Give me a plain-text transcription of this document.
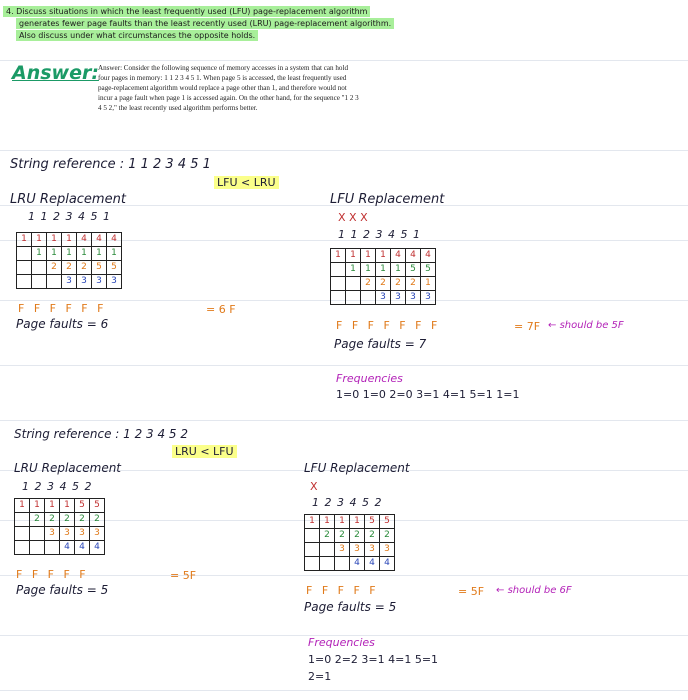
4. Discuss situations in which the least frequently used (LFU) page-replacement algorithm
generates fewer page faults than the least recently used (LRU) page-replacement algorithm.
Also discuss under what circumstances the opposite holds.
Answer: Answer: Consider the following sequence of memory accesses in a system that can hold four pages in memory: 1 1 2 3 4 5 1. When page 5 is accessed, the least frequently used page-replacement algorithm would replace a page other than 1, and therefore would not incur a page fault when page 1 is accessed again. On the other hand, for the sequence "1 2 3 4 5 2," the least recently used algorithm performs better.
String reference : 1 1 2 3 4 5 1
LFU < LRU
LRU Replacement
1 1 2 3 4 5 1
1	1	1	1	4	4	4
	1	1	1	1	1	1
		2	2	2	5	5
			3	3	3	3
F F F F F F	= 6 F
Page faults = 6
LFU Replacement
X X X
1 1 2 3 4 5 1
1	1	1	1	4	4	4
	1	1	1	1	5	5
		2	2	2	2	1
			3	3	3	3
F F F F F F F	= 7F ← should be 5F
Page faults = 7
Frequencies
1=0 1=0 2=0 3=1 4=1 5=1 1=1
String reference : 1 2 3 4 5 2
LRU < LFU
LRU Replacement
1 2 3 4 5 2
1	1	1	1	5	5
	2	2	2	2	2
		3	3	3	3
			4	4	4
F F F F F	= 5F
Page faults = 5
LFU Replacement
X
1 2 3 4 5 2
1	1	1	1	5	5
	2	2	2	2	2
		3	3	3	3
			4	4	4
F F F F F	= 5F ← should be 6F
Page faults = 5
Frequencies
1=0 2=2 3=1 4=1 5=1
2=1
